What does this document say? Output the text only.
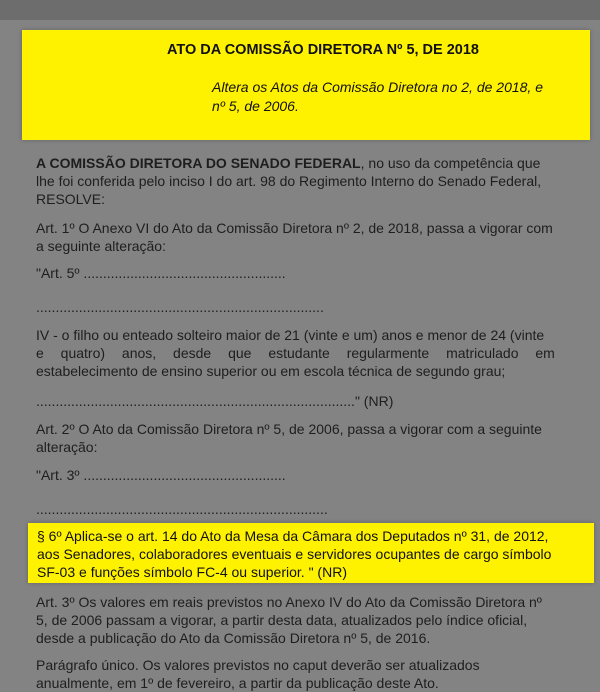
ATO DA COMISSÃO DIRETORA Nº 5, DE 2018
Altera os Atos da Comissão Diretora no 2, de 2018, e
nº 5, de 2006.
A COMISSÃO DIRETORA DO SENADO FEDERAL, no uso da competência que
lhe foi conferida pelo inciso I do art. 98 do Regimento Interno do Senado Federal,
RESOLVE:
Art. 1º O Anexo VI do Ato da Comissão Diretora nº 2, de 2018, passa a vigorar com
a seguinte alteração:
"Art. 5º ....................................................
..........................................................................
IV - o filho ou enteado solteiro maior de 21 (vinte e um) anos e menor de 24 (vinte
e quatro) anos, desde que estudante regularmente matriculado em
estabelecimento de ensino superior ou em escola técnica de segundo grau;
.................................................................................." (NR)
Art. 2º O Ato da Comissão Diretora nº 5, de 2006, passa a vigorar com a seguinte
alteração:
"Art. 3º ....................................................
...........................................................................
§ 6º Aplica-se o art. 14 do Ato da Mesa da Câmara dos Deputados nº 31, de 2012,
aos Senadores, colaboradores eventuais e servidores ocupantes de cargo símbolo
SF-03 e funções símbolo FC-4 ou superior. " (NR)
Art. 3º Os valores em reais previstos no Anexo IV do Ato da Comissão Diretora nº
5, de 2006 passam a vigorar, a partir desta data, atualizados pelo índice oficial,
desde a publicação do Ato da Comissão Diretora nº 5, de 2016.
Parágrafo único. Os valores previstos no caput deverão ser atualizados
anualmente, em 1º de fevereiro, a partir da publicação deste Ato.
